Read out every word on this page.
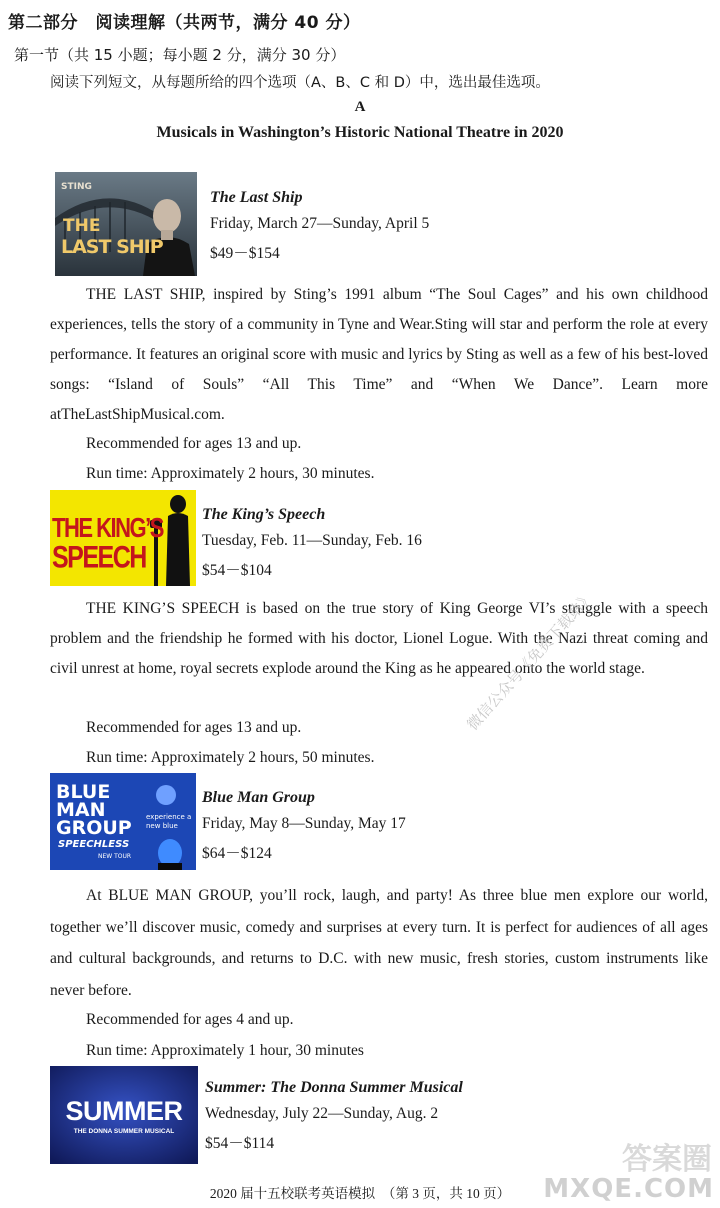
第二部分　阅读理解（共两节，满分 40 分）
第一节（共 15 小题；每小题 2 分，满分 30 分）
阅读下列短文，从每题所给的四个选项（A、B、C 和 D）中，选出最佳选项。
A
Musicals in Washington’s Historic National Theatre in 2020
STING
THE
LAST SHIP
The Last Ship
Friday, March 27—Sunday, April 5
$49－$154
THE LAST SHIP, inspired by Sting’s 1991 album “The Soul Cages” and his own childhood experiences, tells the story of a community in Tyne and Wear.Sting will star and perform the role at every performance. It features an original score with music and lyrics by Sting as well as a few of his best-loved songs: “Island of Souls” “All This Time” and “When We Dance”. Learn more atTheLastShipMusical.com.
Recommended for ages 13 and up.
Run time: Approximately 2 hours, 30 minutes.
THE KING’S
SPEECH
The King’s Speech
Tuesday, Feb. 11—Sunday, Feb. 16
$54－$104
THE KING’S SPEECH is based on the true story of King George VI’s struggle with a speech problem and the friendship he formed with his doctor, Lionel Logue. With the Nazi threat coming and civil unrest at home, royal secrets explode around the King as he appeared onto the world stage.
Recommended for ages 13 and up.
Run time: Approximately 2 hours, 50 minutes.
BLUE
MAN
GROUP
SPEECHLESS
NEW TOUR
experience a new blue
Blue Man Group
Friday, May 8—Sunday, May 17
$64－$124
At BLUE MAN GROUP, you’ll rock, laugh, and party! As three blue men explore our world, together we’ll discover music, comedy and surprises at every turn. It is perfect for audiences of all ages and cultural backgrounds, and returns to D.C. with new music, fresh stories, custom instruments like never before.
Recommended for ages 4 and up.
Run time: Approximately 1 hour, 30 minutes
SUMMER
THE DONNA SUMMER MUSICAL
Summer: The Donna Summer Musical
Wednesday, July 22—Sunday, Aug. 2
$54－$114
微信公众号《免费下载站》
答案圈
MXQE.COM
2020 届十五校联考英语模拟　（第 3 页，共 10 页）
